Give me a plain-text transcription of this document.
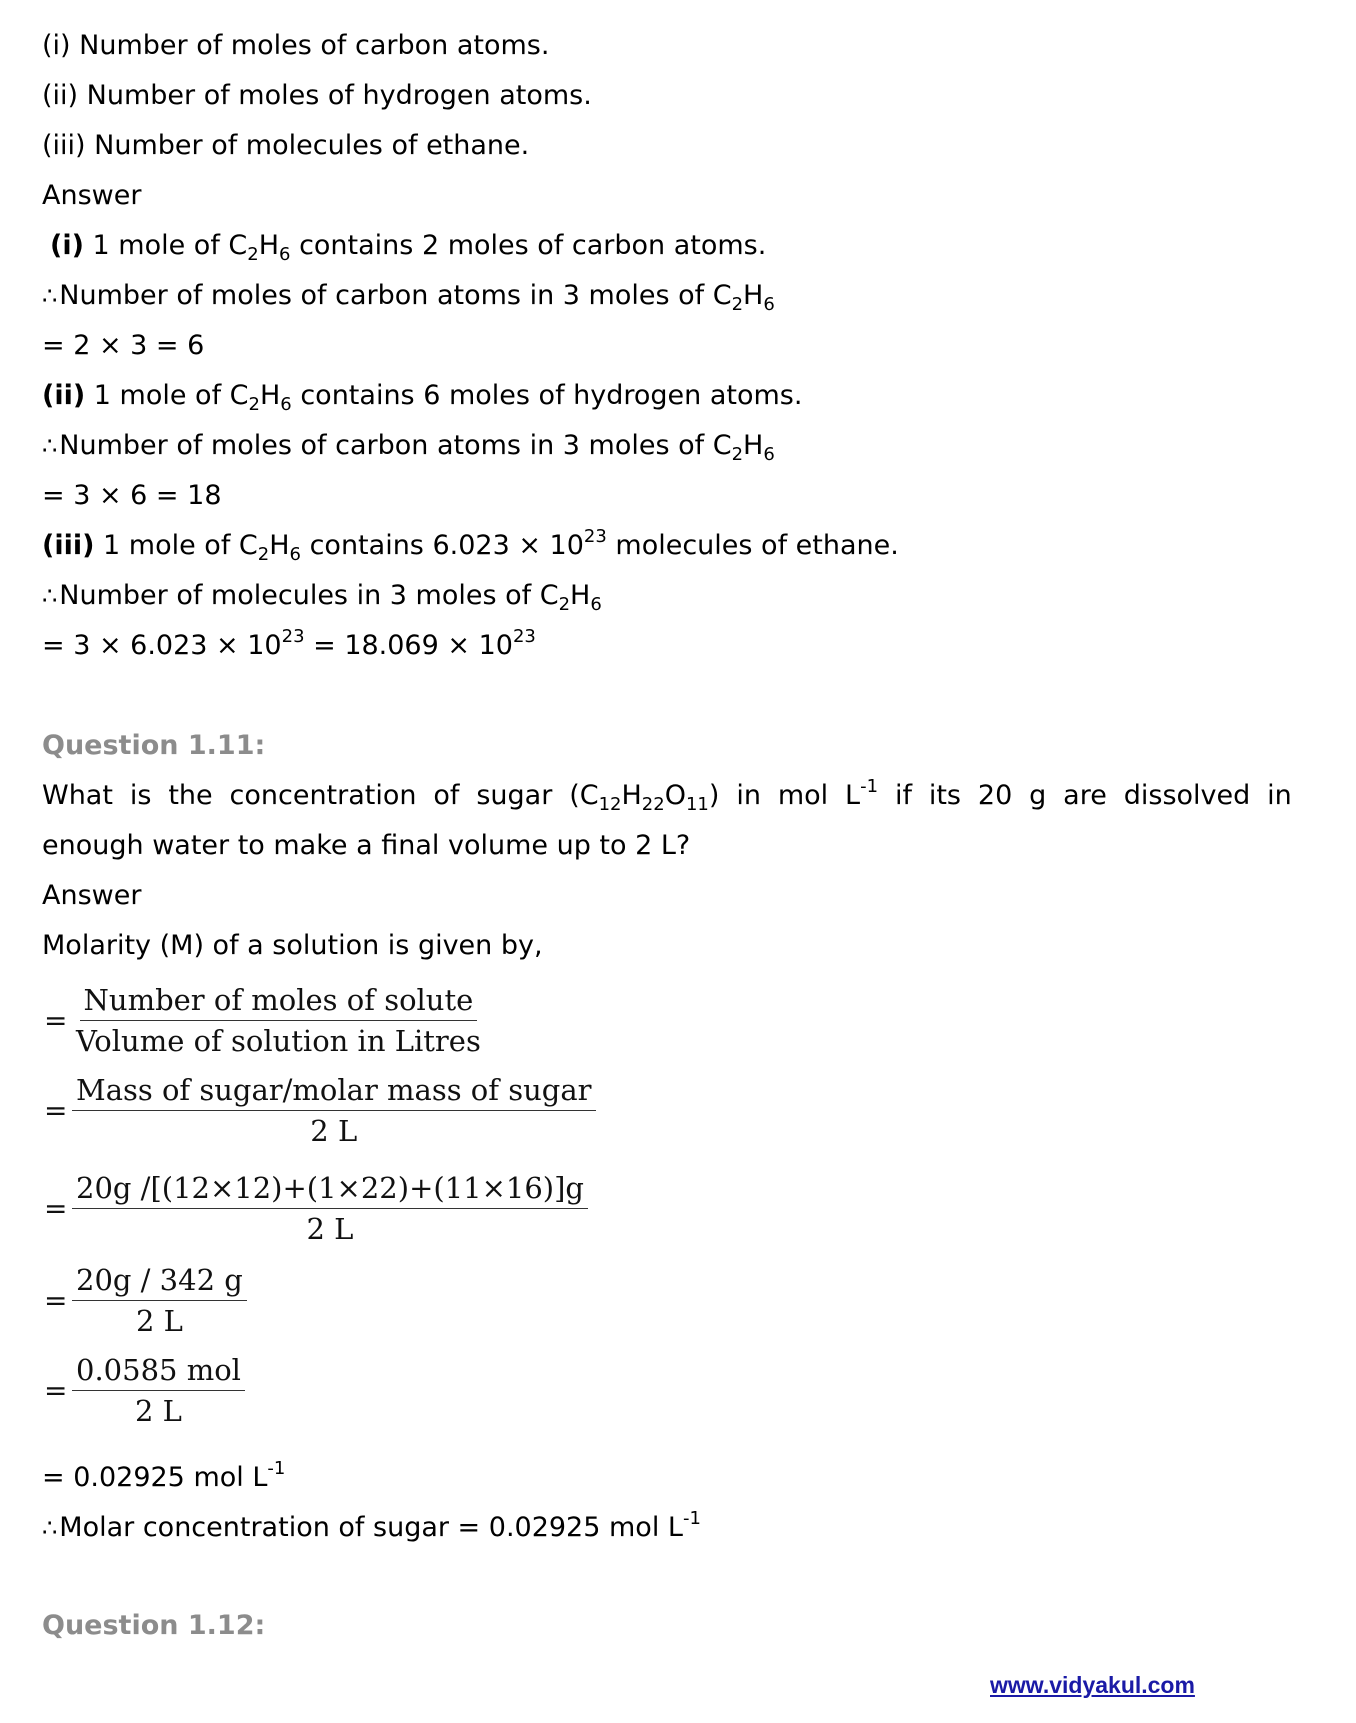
(i) Number of moles of carbon atoms.
(ii) Number of moles of hydrogen atoms.
(iii) Number of molecules of ethane.
Answer
(i) 1 mole of $C_2H_6$ contains 2 moles of carbon atoms.
∴Number of moles of carbon atoms in 3 moles of $C_2H_6$
= 2 × 3 = 6
(ii) 1 mole of $C_2H_6$ contains 6 moles of hydrogen atoms.
∴Number of moles of carbon atoms in 3 moles of $C_2H_6$
= 3 × 6 = 18
(iii) 1 mole of $C_2H_6$ contains $6.023 \times 10^{23}$ molecules of ethane.
∴Number of molecules in 3 moles of $C_2H_6$
= $3 \times 6.023 \times 10^{23} = 18.069 \times 10^{23}$
Question 1.11:
What is the concentration of sugar $(C_{12}H_{22}O_{11})$ in mol $L^{-1}$ if its 20 g are dissolved in
enough water to make a final volume up to 2 L?
Answer
Molarity (M) of a solution is given by,
= $\frac{\text{Number of moles of solute}}{\text{Volume of solution in Litres}}$
= $\frac{\text{Mass of sugar/molar mass of sugar}}{2 L}$
= $\frac{20g /[(12\times 12)+(1\times 22)+(11\times 16)]g}{2 L}$
= $\frac{20g / 342 g}{2 L}$
= $\frac{\text{0.0585 mol}}{2 L}$
= 0.02925 mol $L^{-1}$
∴Molar concentration of sugar = 0.02925 mol $L^{-1}$
Question 1.12:
www.vidyakul.com
